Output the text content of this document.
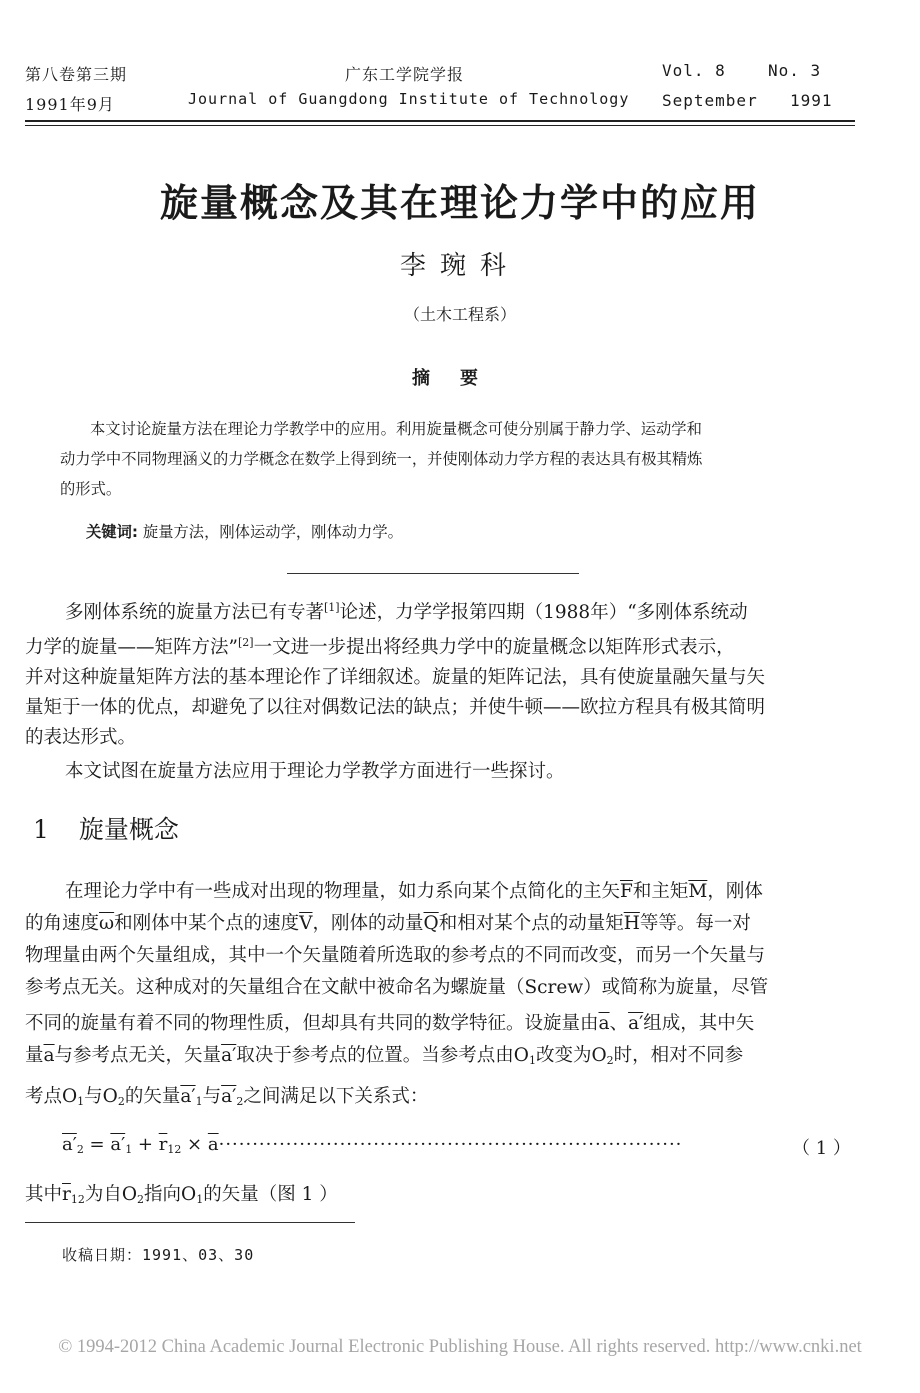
第八卷第三期
1991年9月
广东工学院学报
Journal of Guangdong Institute of Technology
Vol. 8	No. 3
September 1991
旋量概念及其在理论力学中的应用
李琬科
（土木工程系）
摘要
本文讨论旋量方法在理论力学教学中的应用。利用旋量概念可使分别属于静力学、运动学和
动力学中不同物理涵义的力学概念在数学上得到统一，并使刚体动力学方程的表达具有极其精炼
的形式。
关键词: 旋量方法，刚体运动学，刚体动力学。
多刚体系统的旋量方法已有专著[1]论述，力学学报第四期（1988年）“多刚体系统动
力学的旋量——矩阵方法”[2]一文进一步提出将经典力学中的旋量概念以矩阵形式表示，
并对这种旋量矩阵方法的基本理论作了详细叙述。旋量的矩阵记法，具有使旋量融矢量与矢
量矩于一体的优点，却避免了以往对偶数记法的缺点；并使牛顿——欧拉方程具有极其简明
的表达形式。
本文试图在旋量方法应用于理论力学教学方面进行一些探讨。
1 旋量概念
在理论力学中有一些成对出现的物理量，如力系向某个点简化的主矢$\overline{F}$和主矩$\overline{M}$，刚体
的角速度$\overline{\omega}$和刚体中某个点的速度$\overline{V}$，刚体的动量$\overline{Q}$和相对某个点的动量矩$\overline{H}$等等。每一对
物理量由两个矢量组成，其中一个矢量随着所选取的参考点的不同而改变，而另一个矢量与
参考点无关。这种成对的矢量组合在文献中被命名为螺旋量（Screw）或简称为旋量，尽管
不同的旋量有着不同的物理性质，但却具有共同的数学特征。设旋量由$\overline{a}$、a′组成，其中矢
量$\overline{a}$与参考点无关，矢量a′取决于参考点的位置。当参考点由$O_1$改变为$O_2$时，相对不同参
考点$O_1$与$O_2$的矢量$a'_1$与$a'_2$之间满足以下关系式：
$a'_2 = a'_1 + \overline{r}_{12} \times \overline{a}\cdot\cdot\cdot\cdot\cdot\cdot\cdot\cdot\cdot\cdot\cdot\cdot\cdot\cdot\cdot\cdot\cdot\cdot\cdot\cdot\cdot\cdot\cdot\cdot\cdot\cdot\cdot\cdot\cdot\cdot\cdot\cdot\cdot\cdot\cdot\cdot\cdot\cdot\cdot\cdot\cdot\cdot\cdot\cdot\cdot\cdot\cdot\cdot\cdot\cdot\cdot\cdot\cdot\cdot\cdot\cdot\cdot\cdot\cdot\cdot\cdot\cdot\cdot\cdot\cdot\cdot\cdot\cdot\cdot$	（ 1 ）
其中$\overline{r}_{12}$为自$O_2$指向$O_1$的矢量（图 1 ）
收稿日期：1991、03、30
© 1994-2012 China Academic Journal Electronic Publishing House. All rights reserved. http://www.cnki.net
